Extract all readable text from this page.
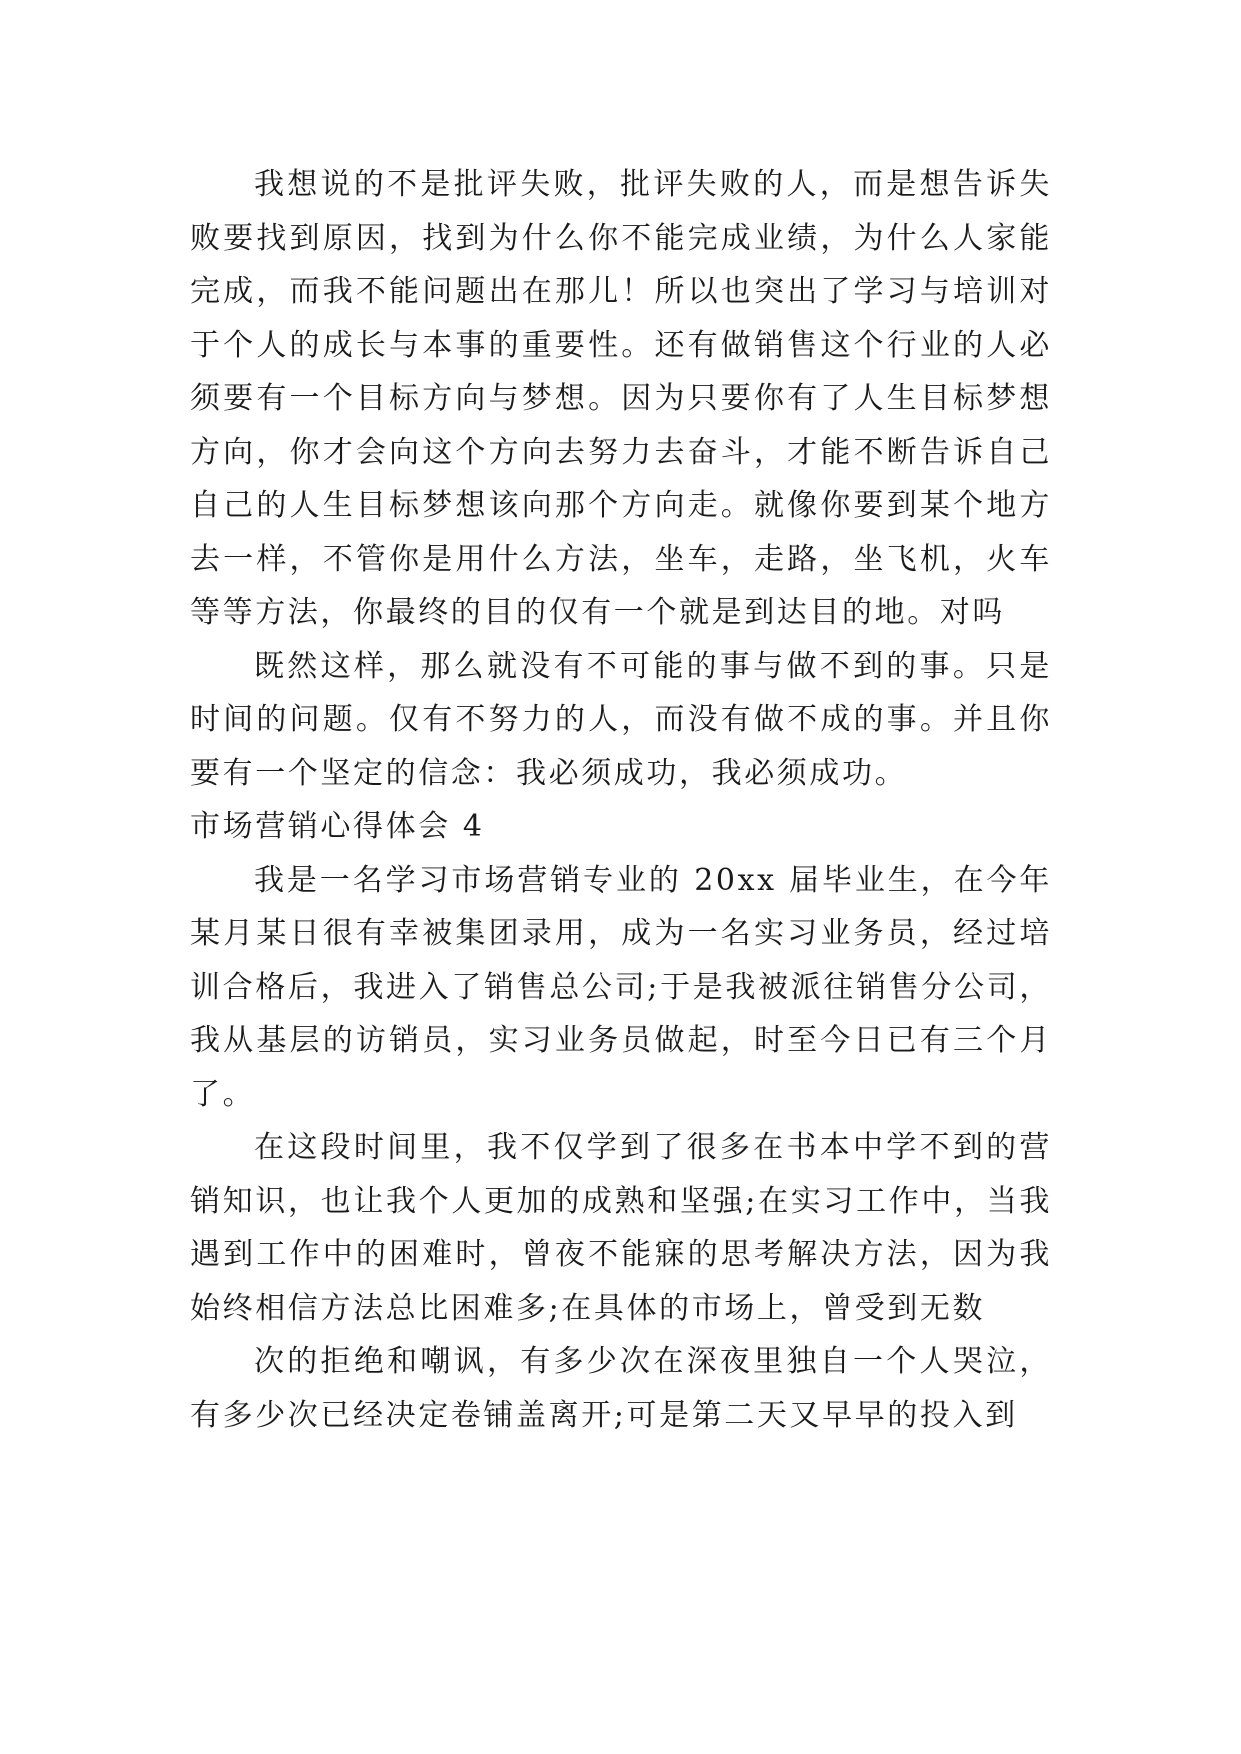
我想说的不是批评失败，批评失败的人，而是想告诉失败要找到原因，找到为什么你不能完成业绩，为什么人家能完成，而我不能问题出在那儿！所以也突出了学习与培训对于个人的成长与本事的重要性。还有做销售这个行业的人必须要有一个目标方向与梦想。因为只要你有了人生目标梦想方向，你才会向这个方向去努力去奋斗，才能不断告诉自己自己的人生目标梦想该向那个方向走。就像你要到某个地方去一样，不管你是用什么方法，坐车，走路，坐飞机，火车等等方法，你最终的目的仅有一个就是到达目的地。对吗

既然这样，那么就没有不可能的事与做不到的事。只是时间的问题。仅有不努力的人，而没有做不成的事。并且你要有一个坚定的信念：我必须成功，我必须成功。

市场营销心得体会 4

我是一名学习市场营销专业的 20xx 届毕业生，在今年某月某日很有幸被集团录用，成为一名实习业务员，经过培训合格后，我进入了销售总公司;于是我被派往销售分公司，我从基层的访销员，实习业务员做起，时至今日已有三个月了。

在这段时间里，我不仅学到了很多在书本中学不到的营销知识，也让我个人更加的成熟和坚强;在实习工作中，当我遇到工作中的困难时，曾夜不能寐的思考解决方法，因为我始终相信方法总比困难多;在具体的市场上，曾受到无数

次的拒绝和嘲讽，有多少次在深夜里独自一个人哭泣，有多少次已经决定卷铺盖离开;可是第二天又早早的投入到
